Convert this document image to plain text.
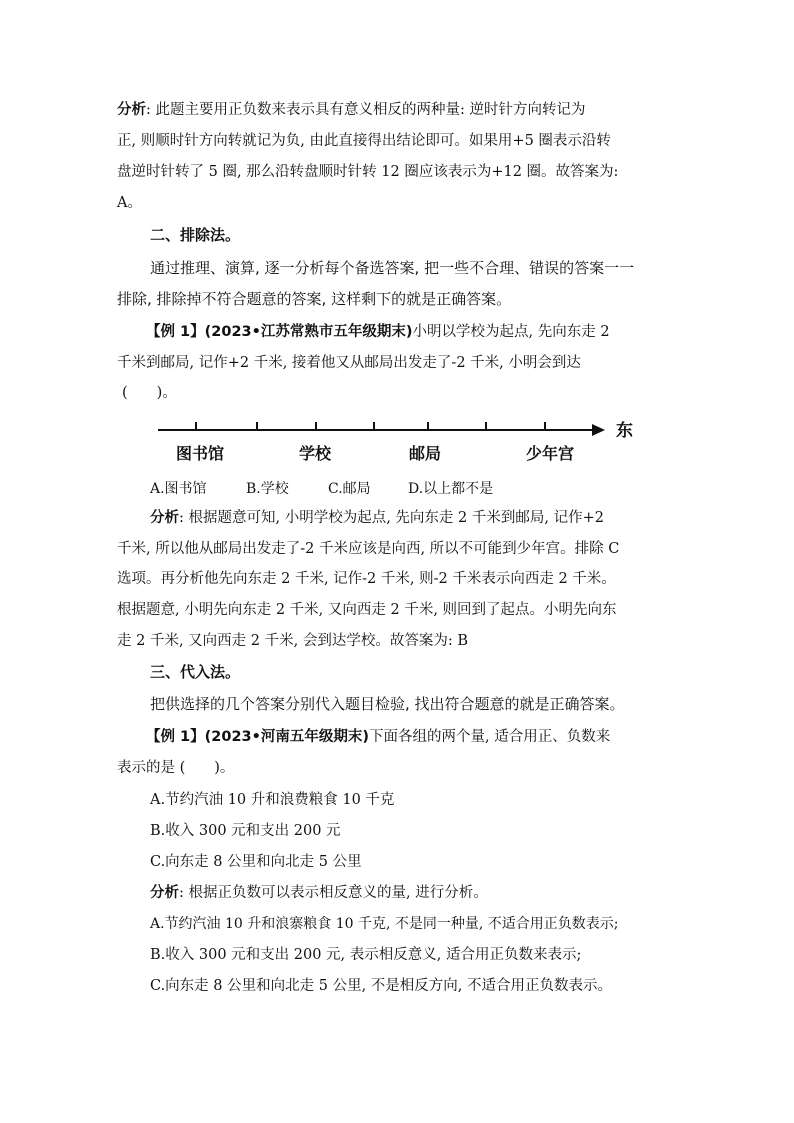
分析: 此题主要用正负数来表示具有意义相反的两种量: 逆时针方向转记为
正, 则顺时针方向转就记为负, 由此直接得出结论即可。如果用+5 圈表示沿转
盘逆时针转了 5 圈, 那么沿转盘顺时针转 12 圈应该表示为+12 圈。故答案为:
A。
二、排除法。
通过推理、演算, 逐一分析每个备选答案, 把一些不合理、错误的答案一一
排除, 排除掉不符合题意的答案, 这样剩下的就是正确答案。
【例 1】(2023•江苏常熟市五年级期末)小明以学校为起点, 先向东走 2
千米到邮局, 记作+2 千米, 接着他又从邮局出发走了-2 千米, 小明会到达
(　　)。
东
图书馆	学校	邮局	少年宫
A.图书馆	B.学校	C.邮局	D.以上都不是
分析: 根据题意可知, 小明学校为起点, 先向东走 2 千米到邮局, 记作+2
千米, 所以他从邮局出发走了-2 千米应该是向西, 所以不可能到少年宫。排除 C
选项。再分析他先向东走 2 千米, 记作-2 千米, 则-2 千米表示向西走 2 千米。
根据题意, 小明先向东走 2 千米, 又向西走 2 千米, 则回到了起点。小明先向东
走 2 千米, 又向西走 2 千米, 会到达学校。故答案为: B
三、代入法。
把供选择的几个答案分别代入题目检验, 找出符合题意的就是正确答案。
【例 1】(2023•河南五年级期末)下面各组的两个量, 适合用正、负数来
表示的是 (　　)。
A.节约汽油 10 升和浪费粮食 10 千克
B.收入 300 元和支出 200 元
C.向东走 8 公里和向北走 5 公里
分析: 根据正负数可以表示相反意义的量, 进行分析。
A.节约汽油 10 升和浪寨粮食 10 千克, 不是同一种量, 不适合用正负数表示;
B.收入 300 元和支出 200 元, 表示相反意义, 适合用正负数来表示;
C.向东走 8 公里和向北走 5 公里, 不是相反方向, 不适合用正负数表示。
